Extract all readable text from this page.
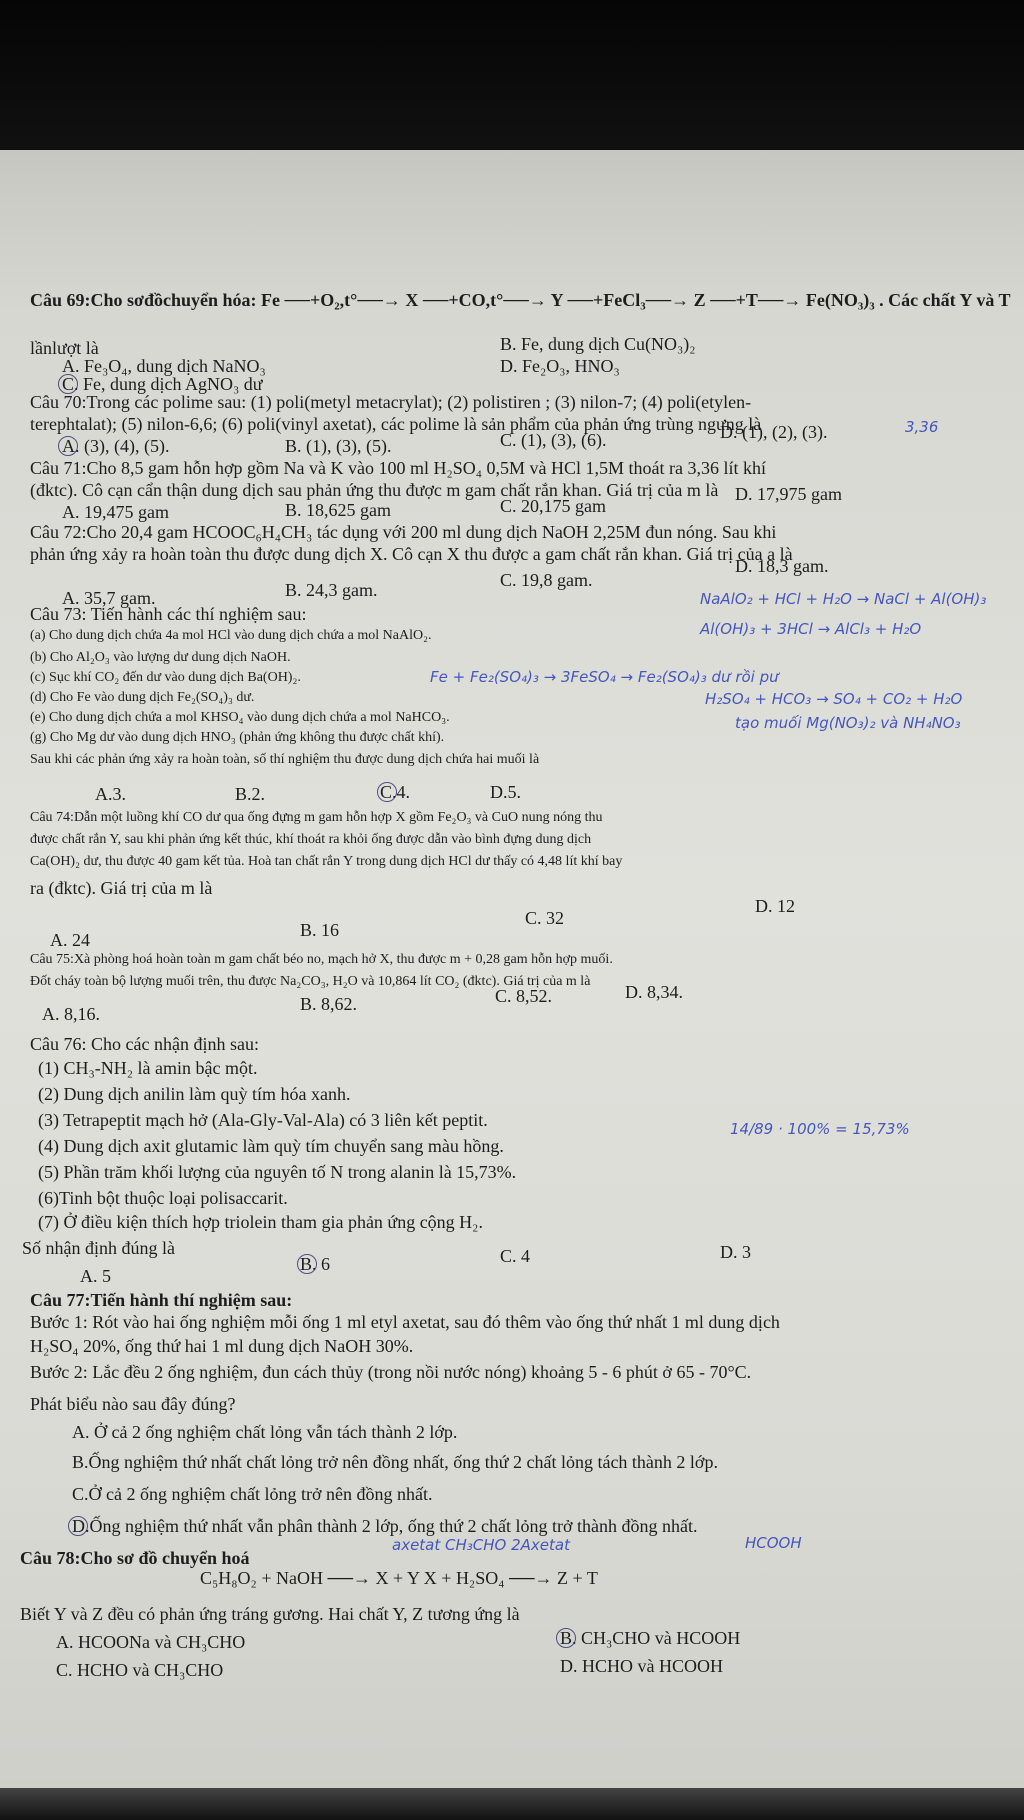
Câu 69:Cho sơđồchuyển hóa: Fe ──+O₂,t°──→ X ──+CO,t°──→ Y ──+FeCl₃──→ Z ──+T──→ Fe(NO₃)₃ . Các chất Y và T
lầnlượt là
A. Fe₃O₄, dung dịch NaNO₃
B. Fe, dung dịch Cu(NO₃)₂
C. Fe, dung dịch AgNO₃ dư
D. Fe₂O₃, HNO₃
Câu 70:Trong các polime sau: (1) poli(metyl metacrylat); (2) polistiren ; (3) nilon-7; (4) poli(etylen-
terephtalat); (5) nilon-6,6; (6) poli(vinyl axetat), các polime là sản phẩm của phản ứng trùng ngưng là
A. (3), (4), (5).	B. (1), (3), (5).	C. (1), (3), (6).	D. (1), (2), (3).
Câu 71:Cho 8,5 gam hỗn hợp gồm Na và K vào 100 ml H₂SO₄ 0,5M và HCl 1,5M thoát ra 3,36 lít khí
(đktc). Cô cạn cẩn thận dung dịch sau phản ứng thu được m gam chất rắn khan. Giá trị của m là
A. 19,475 gam	B. 18,625 gam	C. 20,175 gam
D. 17,975 gam
Câu 72:Cho 20,4 gam HCOOC₆H₄CH₃ tác dụng với 200 ml dung dịch NaOH 2,25M đun nóng. Sau khi
phản ứng xảy ra hoàn toàn thu được dung dịch X. Cô cạn X thu được a gam chất rắn khan. Giá trị của a là
A. 35,7 gam.	B. 24,3 gam.	C. 19,8 gam.
D. 18,3 gam.
Câu 73: Tiến hành các thí nghiệm sau:
(a) Cho dung dịch chứa 4a mol HCl vào dung dịch chứa a mol NaAlO₂.
(b) Cho Al₂O₃ vào lượng dư dung dịch NaOH.
(c) Sục khí CO₂ đến dư vào dung dịch Ba(OH)₂.
(d) Cho Fe vào dung dịch Fe₂(SO₄)₃ dư.
(e) Cho dung dịch chứa a mol KHSO₄ vào dung dịch chứa a mol NaHCO₃.
(g) Cho Mg dư vào dung dịch HNO₃ (phản ứng không thu được chất khí).
Sau khi các phản ứng xảy ra hoàn toàn, số thí nghiệm thu được dung dịch chứa hai muối là
A.3.	B.2.	C.4.	D.5.
Câu 74:Dẫn một luồng khí CO dư qua ống đựng m gam hỗn hợp X gồm Fe₂O₃ và CuO nung nóng thu
được chất rắn Y, sau khi phản ứng kết thúc, khí thoát ra khỏi ống được dẫn vào bình đựng dung dịch
Ca(OH)₂ dư, thu được 40 gam kết tủa. Hoà tan chất rắn Y trong dung dịch HCl dư thấy có 4,48 lít khí bay
ra (đktc). Giá trị của m là
A. 24	B. 16
C. 32
D. 12
Câu 75:Xà phòng hoá hoàn toàn m gam chất béo no, mạch hở X, thu được m + 0,28 gam hỗn hợp muối.
Đốt cháy toàn bộ lượng muối trên, thu được Na₂CO₃, H₂O và 10,864 lít CO₂ (đktc). Giá trị của m là
A. 8,16.	B. 8,62.	C. 8,52.	D. 8,34.
Câu 76: Cho các nhận định sau:
(1) CH₃-NH₂ là amin bậc một.
(2) Dung dịch anilin làm quỳ tím hóa xanh.
(3) Tetrapeptit mạch hở (Ala-Gly-Val-Ala) có 3 liên kết peptit.
(4) Dung dịch axit glutamic làm quỳ tím chuyển sang màu hồng.
(5) Phần trăm khối lượng của nguyên tố N trong alanin là 15,73%.
(6)Tinh bột thuộc loại polisaccarit.
(7) Ở điều kiện thích hợp triolein tham gia phản ứng cộng H₂.
Số nhận định đúng là
A. 5
B. 6	C. 4	D. 3
Câu 77:Tiến hành thí nghiệm sau:
Bước 1: Rót vào hai ống nghiệm mỗi ống 1 ml etyl axetat, sau đó thêm vào ống thứ nhất 1 ml dung dịch
H₂SO₄ 20%, ống thứ hai 1 ml dung dịch NaOH 30%.
Bước 2: Lắc đều 2 ống nghiệm, đun cách thủy (trong nồi nước nóng) khoảng 5 - 6 phút ở 65 - 70°C.
Phát biểu nào sau đây đúng?
A. Ở cả 2 ống nghiệm chất lỏng vẫn tách thành 2 lớp.
B.Ống nghiệm thứ nhất chất lỏng trở nên đồng nhất, ống thứ 2 chất lỏng tách thành 2 lớp.
C.Ở cả 2 ống nghiệm chất lỏng trở nên đồng nhất.
D.Ống nghiệm thứ nhất vẫn phân thành 2 lớp, ống thứ 2 chất lỏng trở thành đồng nhất.
Câu 78:Cho sơ đồ chuyển hoá
C₅H₈O₂ + NaOH ──→ X + Y X + H₂SO₄ ──→ Z + T
Biết Y và Z đều có phản ứng tráng gương. Hai chất Y, Z tương ứng là
A. HCOONa và CH₃CHO	B. CH₃CHO và HCOOH
C. HCHO và CH₃CHO	D. HCHO và HCOOH
NaAlO₂ + HCl + H₂O → NaCl + Al(OH)₃
Al(OH)₃ + 3HCl → AlCl₃ + H₂O
Fe + Fe₂(SO₄)₃ → 3FeSO₄ → Fe₂(SO₄)₃ dư rồi pư
H₂SO₄ + HCO₃ → SO₄ + CO₂ + H₂O
tạo muối Mg(NO₃)₂ và NH₄NO₃
14/89 · 100% = 15,73%
axetat CH₃CHO 2Axetat	HCOOH
3,36
